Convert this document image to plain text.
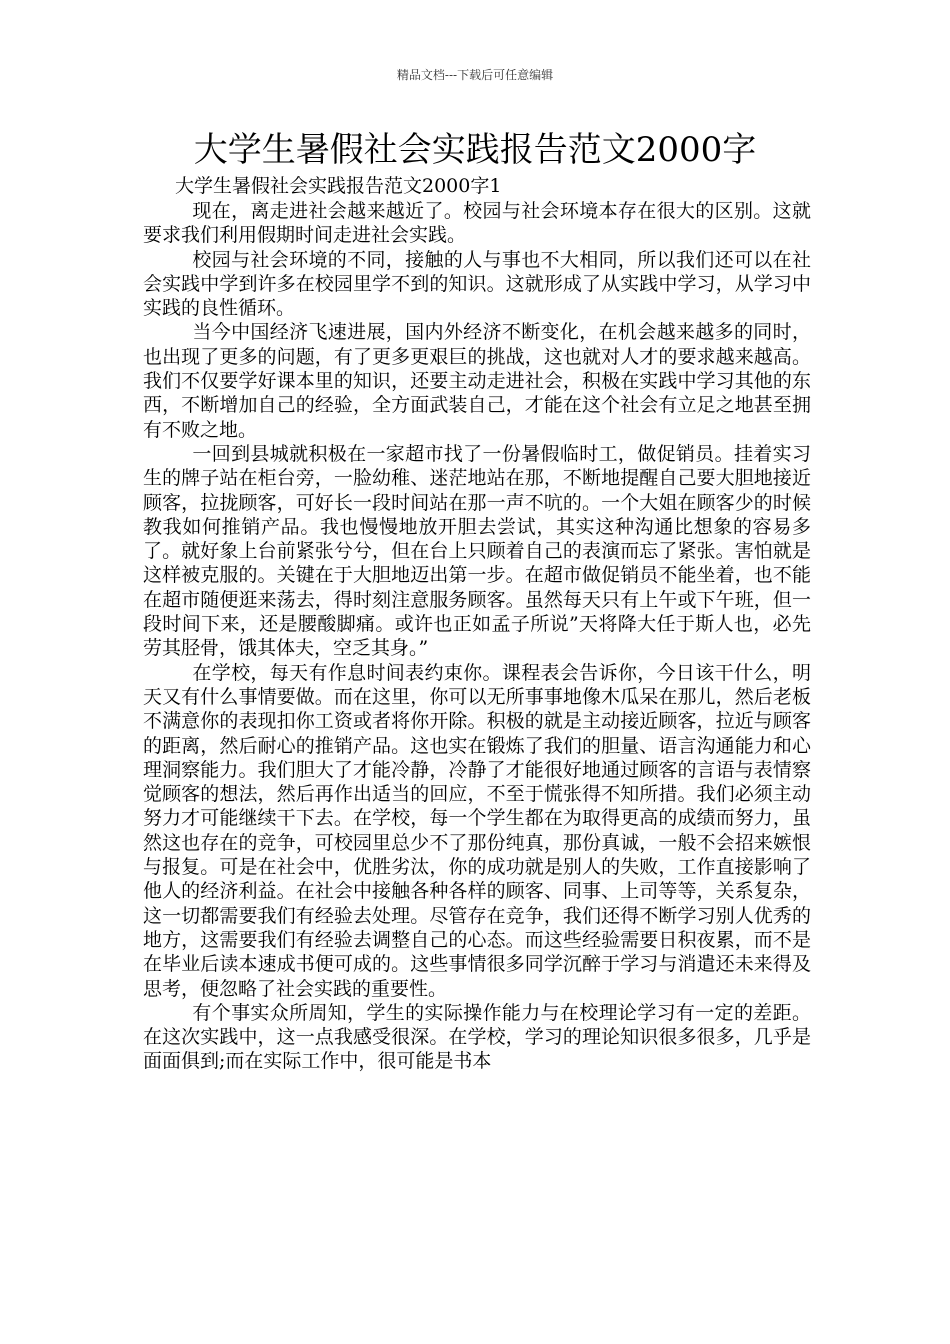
精品文档---下载后可任意编辑
大学生暑假社会实践报告范文2000字

大学生暑假社会实践报告范文2000字1

现在，离走进社会越来越近了。校园与社会环境本存在很大的区别。这就要求我们利用假期时间走进社会实践。

校园与社会环境的不同，接触的人与事也不大相同，所以我们还可以在社会实践中学到许多在校园里学不到的知识。这就形成了从实践中学习，从学习中实践的良性循环。

当今中国经济飞速进展，国内外经济不断变化，在机会越来越多的同时，也出现了更多的问题，有了更多更艰巨的挑战，这也就对人才的要求越来越高。我们不仅要学好课本里的知识，还要主动走进社会，积极在实践中学习其他的东西，不断增加自己的经验，全方面武装自己，才能在这个社会有立足之地甚至拥有不败之地。

一回到县城就积极在一家超市找了一份暑假临时工，做促销员。挂着实习生的牌子站在柜台旁，一脸幼稚、迷茫地站在那，不断地提醒自己要大胆地接近顾客，拉拢顾客，可好长一段时间站在那一声不吭的。一个大姐在顾客少的时候教我如何推销产品。我也慢慢地放开胆去尝试，其实这种沟通比想象的容易多了。就好象上台前紧张兮兮，但在台上只顾着自己的表演而忘了紧张。害怕就是这样被克服的。关键在于大胆地迈出第一步。在超市做促销员不能坐着，也不能在超市随便逛来荡去，得时刻注意服务顾客。虽然每天只有上午或下午班，但一段时间下来，还是腰酸脚痛。或许也正如孟子所说”天将降大任于斯人也，必先劳其胫骨，饿其体夫，空乏其身。”

在学校，每天有作息时间表约束你。课程表会告诉你，今日该干什么，明天又有什么事情要做。而在这里，你可以无所事事地像木瓜呆在那儿，然后老板不满意你的表现扣你工资或者将你开除。积极的就是主动接近顾客，拉近与顾客的距离，然后耐心的推销产品。这也实在锻炼了我们的胆量、语言沟通能力和心理洞察能力。我们胆大了才能冷静，冷静了才能很好地通过顾客的言语与表情察觉顾客的想法，然后再作出适当的回应，不至于慌张得不知所措。我们必须主动努力才可能继续干下去。在学校，每一个学生都在为取得更高的成绩而努力，虽然这也存在的竞争，可校园里总少不了那份纯真，那份真诚，一般不会招来嫉恨与报复。可是在社会中，优胜劣汰，你的成功就是别人的失败，工作直接影响了他人的经济利益。在社会中接触各种各样的顾客、同事、上司等等，关系复杂，这一切都需要我们有经验去处理。尽管存在竞争，我们还得不断学习别人优秀的地方，这需要我们有经验去调整自己的心态。而这些经验需要日积夜累，而不是在毕业后读本速成书便可成的。这些事情很多同学沉醉于学习与消遣还未来得及思考，便忽略了社会实践的重要性。

有个事实众所周知，学生的实际操作能力与在校理论学习有一定的差距。在这次实践中，这一点我感受很深。在学校，学习的理论知识很多很多，几乎是面面俱到;而在实际工作中，很可能是书本
